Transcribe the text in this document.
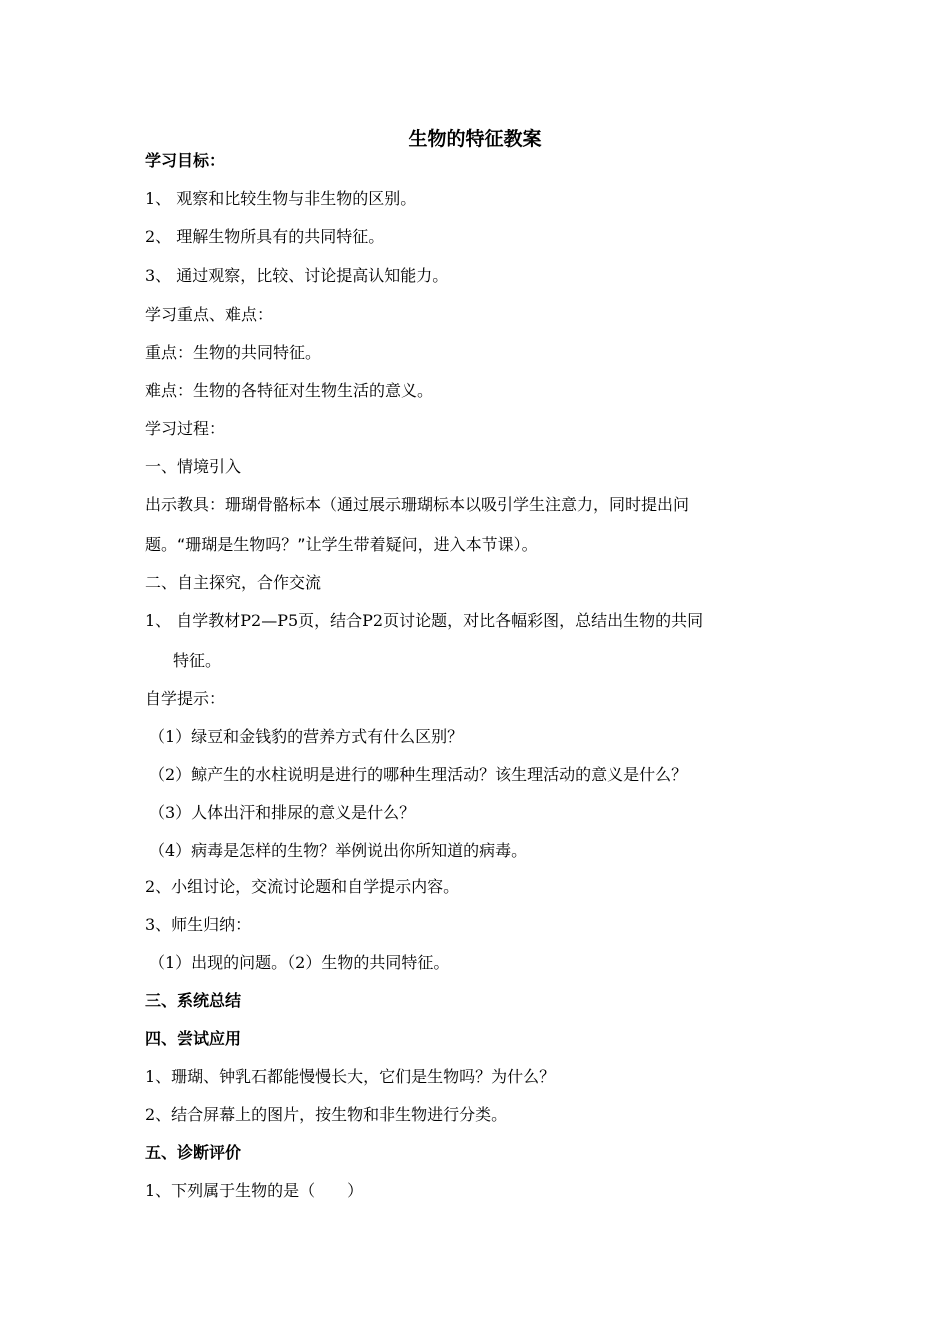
生物的特征教案
学习目标：
1、 观察和比较生物与非生物的区别。
2、 理解生物所具有的共同特征。
3、 通过观察，比较、讨论提高认知能力。
学习重点、难点：
重点：生物的共同特征。
难点：生物的各特征对生物生活的意义。
学习过程：
一、情境引入
出示教具：珊瑚骨骼标本（通过展示珊瑚标本以吸引学生注意力，同时提出问
题。“珊瑚是生物吗？”让学生带着疑问，进入本节课）。
二、自主探究，合作交流
1、 自学教材P2—P5页，结合P2页讨论题，对比各幅彩图，总结出生物的共同
特征。
自学提示：
（1）绿豆和金钱豹的营养方式有什么区别？
（2）鲸产生的水柱说明是进行的哪种生理活动？该生理活动的意义是什么？
（3）人体出汗和排尿的意义是什么？
（4）病毒是怎样的生物？举例说出你所知道的病毒。
2、小组讨论，交流讨论题和自学提示内容。
3、师生归纳：
（1）出现的问题。（2）生物的共同特征。
三、系统总结
四、尝试应用
1、珊瑚、钟乳石都能慢慢长大，它们是生物吗？为什么？
2、结合屏幕上的图片，按生物和非生物进行分类。
五、诊断评价
1、下列属于生物的是（　　）
